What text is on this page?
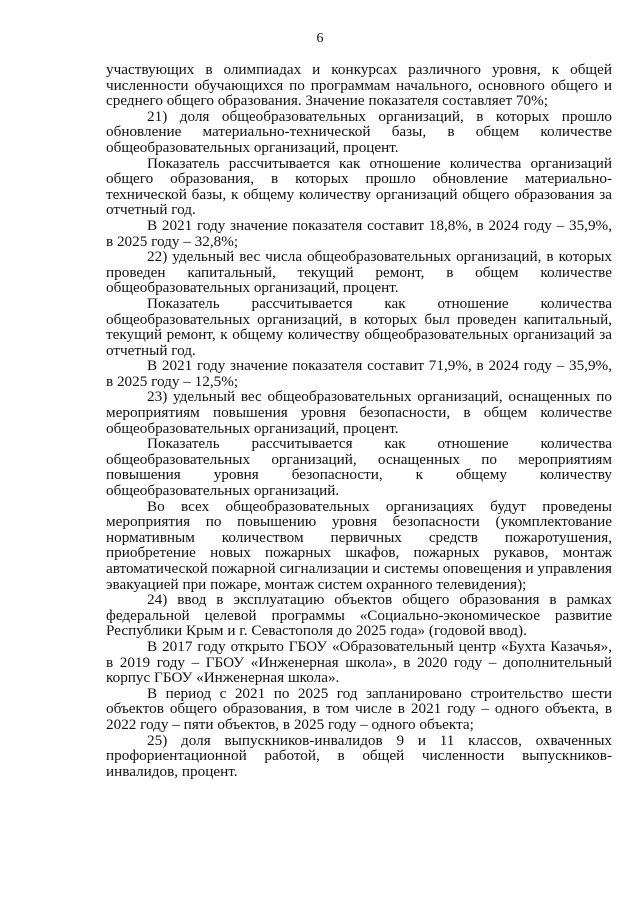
6

участвующих в олимпиадах и конкурсах различного уровня, к общей численности обучающихся по программам начального, основного общего и среднего общего образования. Значение показателя составляет 70%;

21) доля общеобразовательных организаций, в которых прошло обновление материально-технической базы, в общем количестве общеобразовательных организаций, процент.

Показатель рассчитывается как отношение количества организаций общего образования, в которых прошло обновление материально-технической базы, к общему количеству организаций общего образования за отчетный год.

В 2021 году значение показателя составит 18,8%, в 2024 году – 35,9%, в 2025 году – 32,8%;

22) удельный вес числа общеобразовательных организаций, в которых проведен капитальный, текущий ремонт, в общем количестве общеобразовательных организаций, процент.

Показатель рассчитывается как отношение количества общеобразовательных организаций, в которых был проведен капитальный, текущий ремонт, к общему количеству общеобразовательных организаций за отчетный год.

В 2021 году значение показателя составит 71,9%, в 2024 году – 35,9%, в 2025 году – 12,5%;

23) удельный вес общеобразовательных организаций, оснащенных по мероприятиям повышения уровня безопасности, в общем количестве общеобразовательных организаций, процент.

Показатель рассчитывается как отношение количества общеобразовательных организаций, оснащенных по мероприятиям повышения уровня безопасности, к общему количеству общеобразовательных организаций.

Во всех общеобразовательных организациях будут проведены мероприятия по повышению уровня безопасности (укомплектование нормативным количеством первичных средств пожаротушения, приобретение новых пожарных шкафов, пожарных рукавов, монтаж автоматической пожарной сигнализации и системы оповещения и управления эвакуацией при пожаре, монтаж систем охранного телевидения);

24) ввод в эксплуатацию объектов общего образования в рамках федеральной целевой программы «Социально-экономическое развитие Республики Крым и г. Севастополя до 2025 года» (годовой ввод).

В 2017 году открыто ГБОУ «Образовательный центр «Бухта Казачья», в 2019 году – ГБОУ «Инженерная школа», в 2020 году – дополнительный корпус ГБОУ «Инженерная школа».

В период с 2021 по 2025 год запланировано строительство шести объектов общего образования, в том числе в 2021 году – одного объекта, в 2022 году – пяти объектов, в 2025 году – одного объекта;

25) доля выпускников-инвалидов 9 и 11 классов, охваченных профориентационной работой, в общей численности выпускников-инвалидов, процент.
